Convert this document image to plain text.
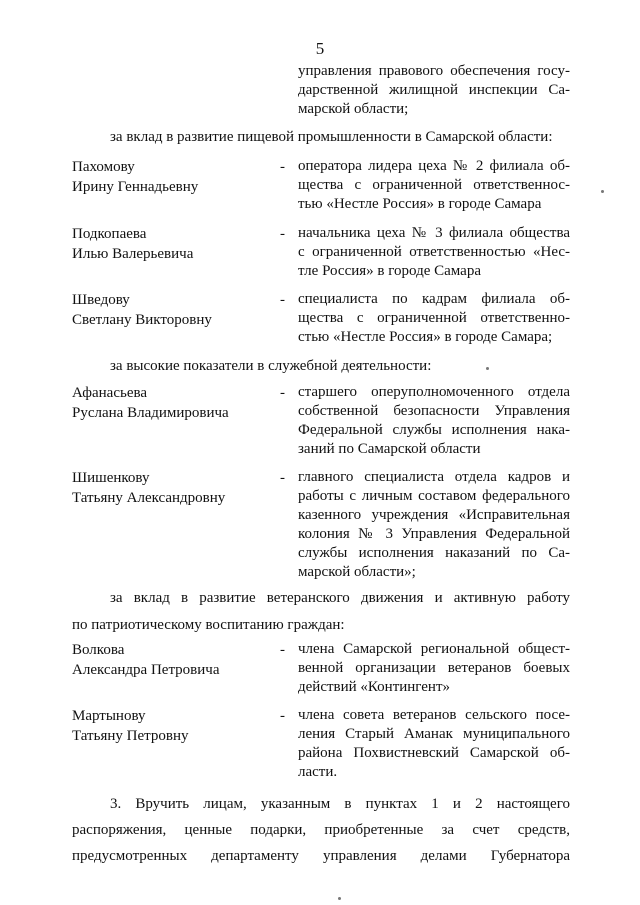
5
управления правового обеспечения госу-
дарственной жилищной инспекции Са-
марской области;
за вклад в развитие пищевой промышленности в Самарской области:
Пахомову
Ирину Геннадьевну
- оператора лидера цеха № 2 филиала об-
щества с ограниченной ответственнос-
тью «Нестле Россия» в городе Самара
Подкопаева
Илью Валерьевича
- начальника цеха № 3 филиала общества
с ограниченной ответственностью «Нес-
тле Россия» в городе Самара
Шведову
Светлану Викторовну
- специалиста по кадрам филиала об-
щества с ограниченной ответственно-
стью «Нестле Россия» в городе Самара;
за высокие показатели в служебной деятельности:
Афанасьева
Руслана Владимировича
- старшего оперуполномоченного отдела
собственной безопасности Управления
Федеральной службы исполнения нака-
заний по Самарской области
Шишенкову
Татьяну Александровну
- главного специалиста отдела кадров и
работы с личным составом федерального
казенного учреждения «Исправительная
колония № 3 Управления Федеральной
службы исполнения наказаний по Са-
марской области»;
за вклад в развитие ветеранского движения и активную работу
по патриотическому воспитанию граждан:
Волкова
Александра Петровича
- члена Самарской региональной общест-
венной организации ветеранов боевых
действий «Контингент»
Мартынову
Татьяну Петровну
- члена совета ветеранов сельского посе-
ления Старый Аманак муниципального
района Похвистневский Самарской об-
ласти.
3. Вручить лицам, указанным в пунктах 1 и 2 настоящего
распоряжения, ценные подарки, приобретенные за счет средств,
предусмотренных департаменту управления делами Губернатора
